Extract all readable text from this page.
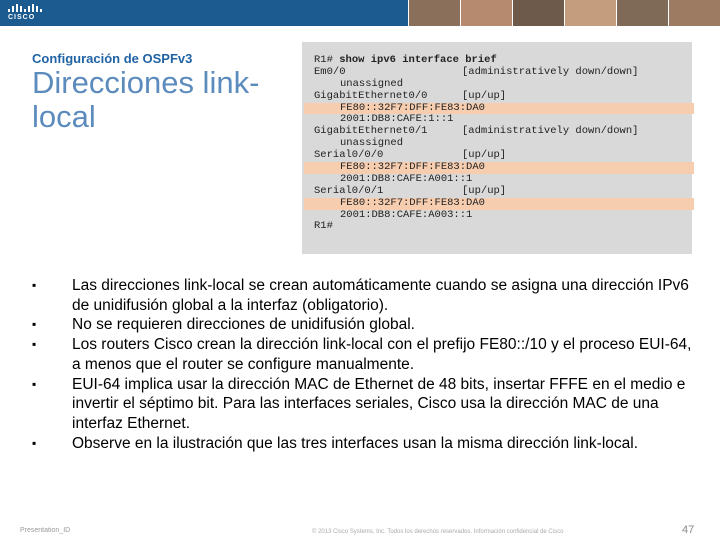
CISCO
Configuración de OSPFv3
Direcciones link-local
R1# show ipv6 interface brief
Em0/0	[administratively down/down]
unassigned
GigabitEthernet0/0	[up/up]
FE80::32F7:DFF:FE83:DA0
2001:DB8:CAFE:1::1
GigabitEthernet0/1	[administratively down/down]
unassigned
Serial0/0/0	[up/up]
FE80::32F7:DFF:FE83:DA0
2001:DB8:CAFE:A001::1
Serial0/0/1	[up/up]
FE80::32F7:DFF:FE83:DA0
2001:DB8:CAFE:A003::1
R1#
▪ Las direcciones link-local se crean automáticamente cuando se asigna una dirección IPv6 de unidifusión global a la interfaz (obligatorio).
▪ No se requieren direcciones de unidifusión global.
▪ Los routers Cisco crean la dirección link-local con el prefijo FE80::/10 y el proceso EUI-64, a menos que el router se configure manualmente.
▪ EUI-64 implica usar la dirección MAC de Ethernet de 48 bits, insertar FFFE en el medio e invertir el séptimo bit. Para las interfaces seriales, Cisco usa la dirección MAC de una interfaz Ethernet.
▪ Observe en la ilustración que las tres interfaces usan la misma dirección link-local.
Presentation_ID	© 2013 Cisco Systems, Inc. Todos los derechos reservados. Información confidencial de Cisco	47
